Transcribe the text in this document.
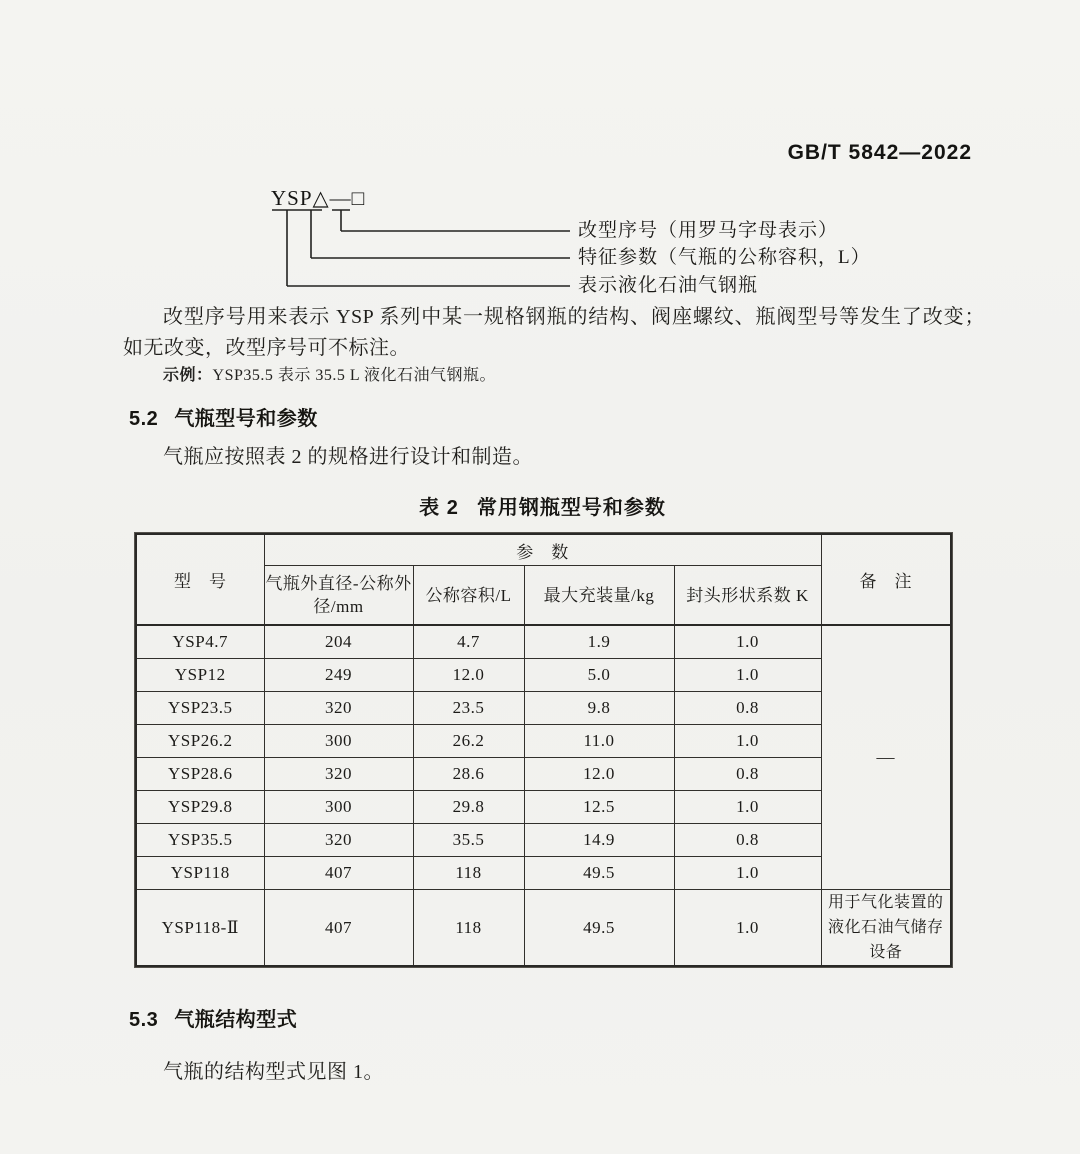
GB/T 5842—2022
YSP△—□
改型序号（用罗马字母表示）
特征参数（气瓶的公称容积，L）
表示液化石油气钢瓶
改型序号用来表示 YSP 系列中某一规格钢瓶的结构、阀座螺纹、瓶阀型号等发生了改变；如无改变，改型序号可不标注。
示例：YSP35.5 表示 35.5 L 液化石油气钢瓶。
5.2 气瓶型号和参数
气瓶应按照表 2 的规格进行设计和制造。
表 2 常用钢瓶型号和参数
型　号	参　数				备　注
	气瓶外直径-公称外径/mm	公称容积/L	最大充装量/kg	封头形状系数 K	
YSP4.7	204	4.7	1.9	1.0	—
YSP12	249	12.0	5.0	1.0	
YSP23.5	320	23.5	9.8	0.8	
YSP26.2	300	26.2	11.0	1.0	
YSP28.6	320	28.6	12.0	0.8	
YSP29.8	300	29.8	12.5	1.0	
YSP35.5	320	35.5	14.9	0.8	
YSP118	407	118	49.5	1.0	
YSP118-Ⅱ	407	118	49.5	1.0	用于气化装置的液化石油气储存设备
5.3 气瓶结构型式
气瓶的结构型式见图 1。
